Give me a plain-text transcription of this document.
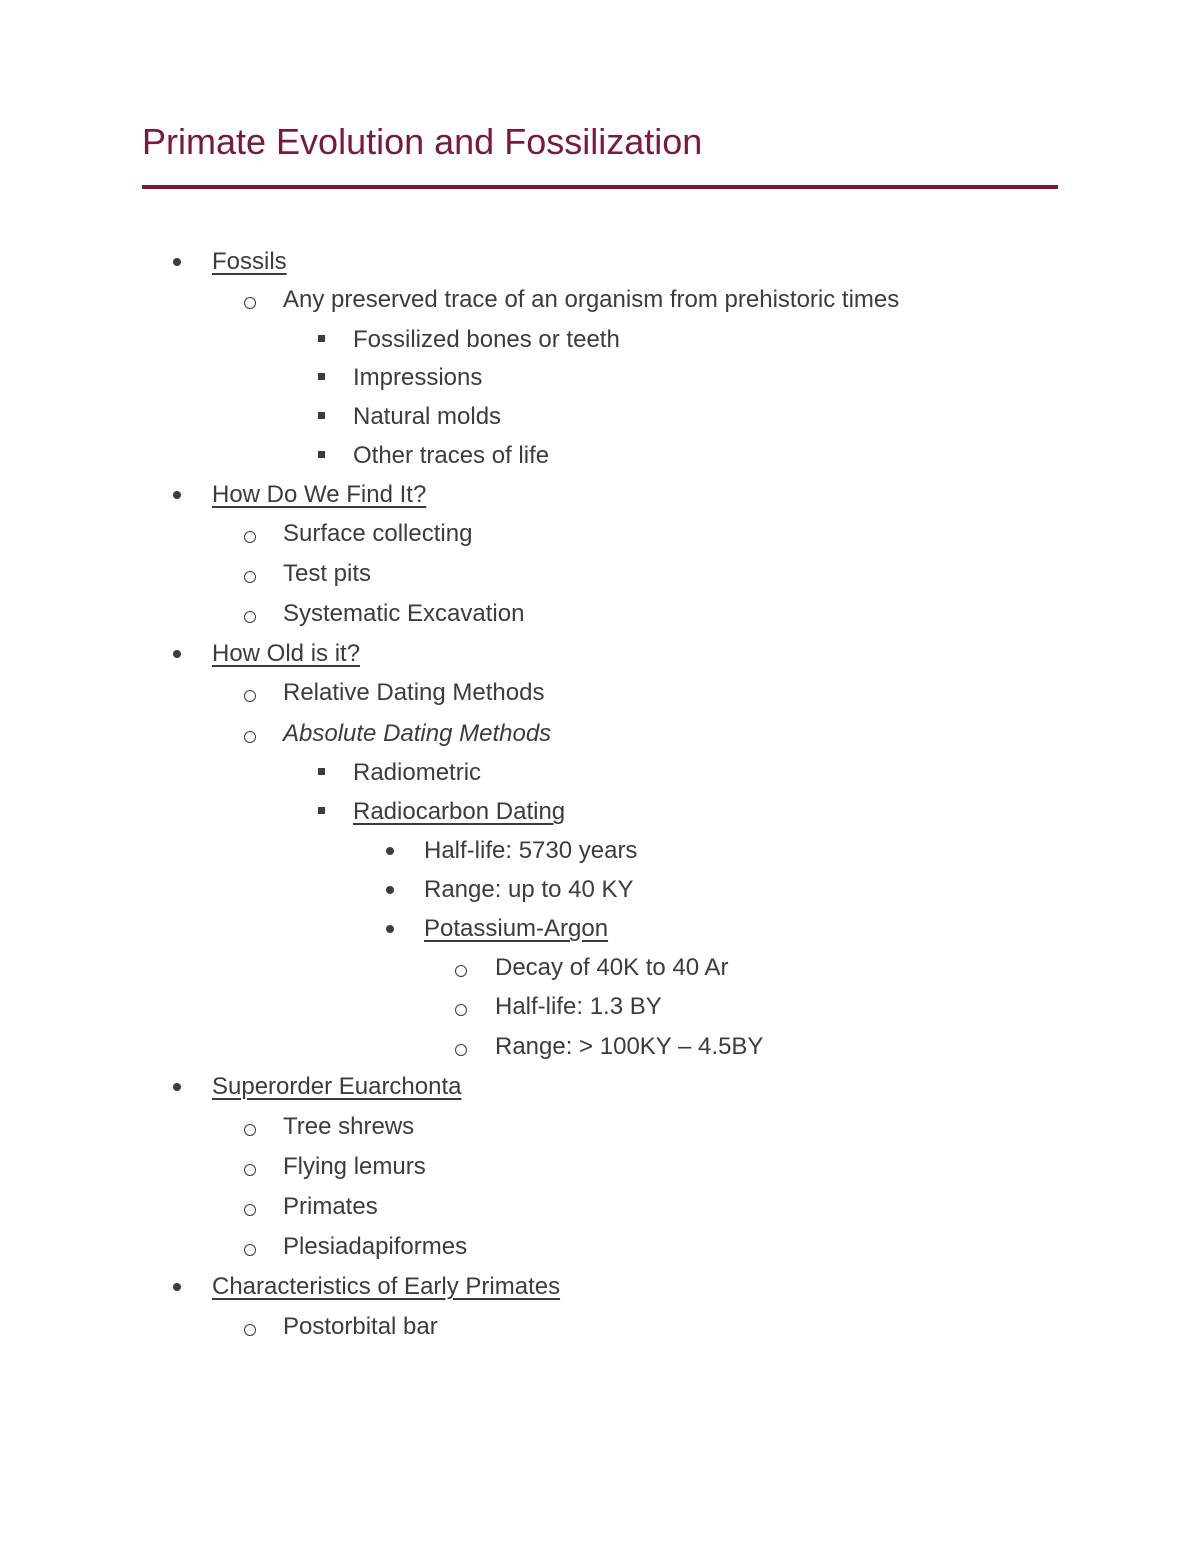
Primate Evolution and Fossilization
Fossils
Any preserved trace of an organism from prehistoric times
Fossilized bones or teeth
Impressions
Natural molds
Other traces of life
How Do We Find It?
Surface collecting
Test pits
Systematic Excavation
How Old is it?
Relative Dating Methods
Absolute Dating Methods
Radiometric
Radiocarbon Dating
Half-life: 5730 years
Range: up to 40 KY
Potassium-Argon
Decay of 40K to 40 Ar
Half-life: 1.3 BY
Range: > 100KY – 4.5BY
Superorder Euarchonta
Tree shrews
Flying lemurs
Primates
Plesiadapiformes
Characteristics of Early Primates
Postorbital bar
